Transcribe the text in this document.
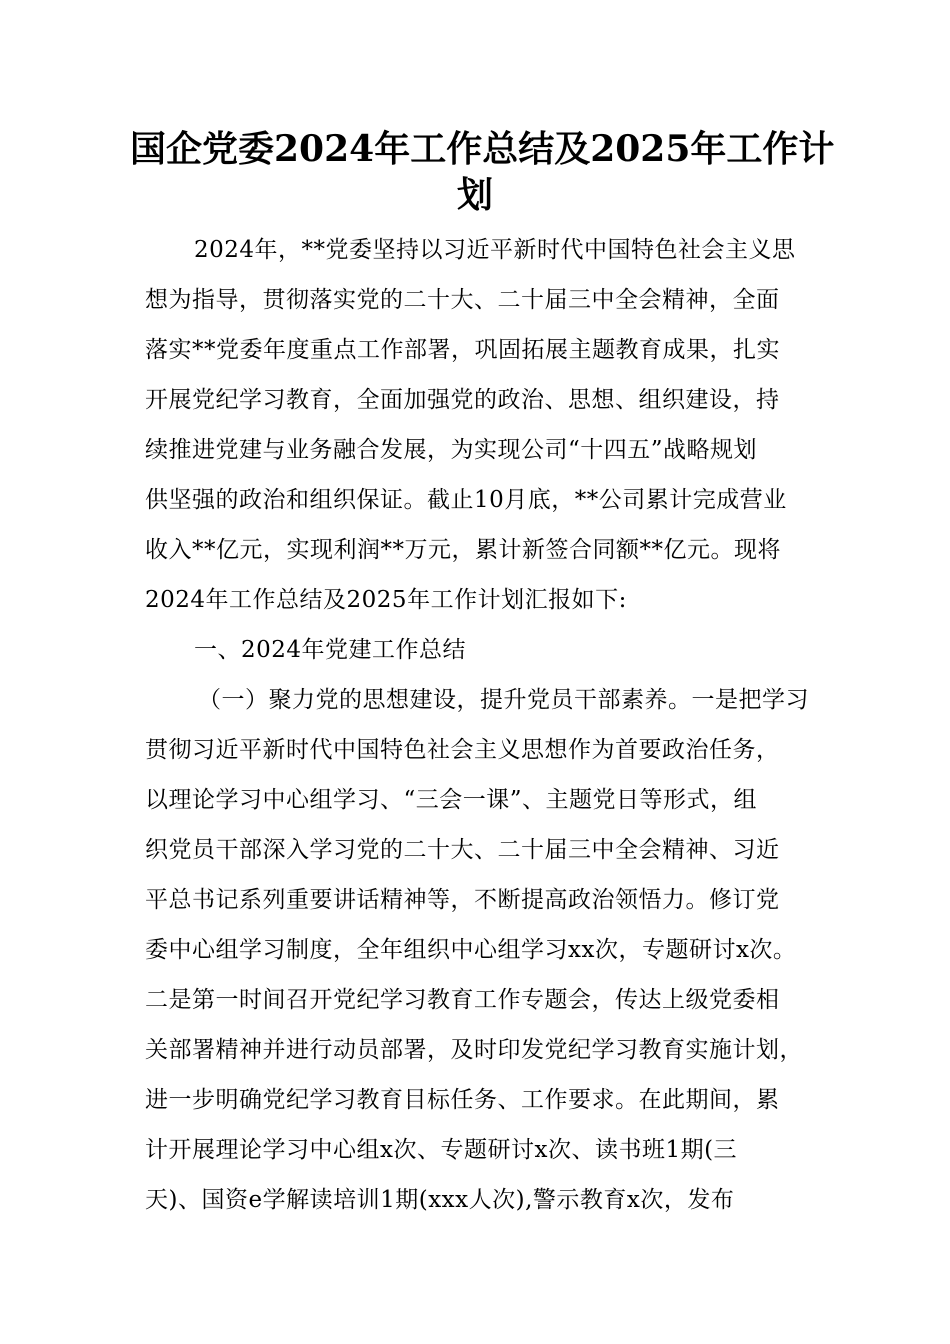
国企党委2024年工作总结及2025年工作计
划

2024年，**党委坚持以习近平新时代中国特色社会主义思

想为指导，贯彻落实党的二十大、二十届三中全会精神，全面

落实**党委年度重点工作部署，巩固拓展主题教育成果，扎实

开展党纪学习教育，全面加强党的政治、思想、组织建设，持

续推进党建与业务融合发展，为实现公司“十四五”战略规划

供坚强的政治和组织保证。截止10月底，**公司累计完成营业

收入**亿元，实现利润**万元，累计新签合同额**亿元。现将

2024年工作总结及2025年工作计划汇报如下:

一、2024年党建工作总结

（一）聚力党的思想建设，提升党员干部素养。一是把学习

贯彻习近平新时代中国特色社会主义思想作为首要政治任务，

以理论学习中心组学习、“三会一课”、主题党日等形式，组

织党员干部深入学习党的二十大、二十届三中全会精神、习近

平总书记系列重要讲话精神等，不断提高政治领悟力。修订党

委中心组学习制度，全年组织中心组学习xx次，专题研讨x次。

二是第一时间召开党纪学习教育工作专题会，传达上级党委相

关部署精神并进行动员部署，及时印发党纪学习教育实施计划，

进一步明确党纪学习教育目标任务、工作要求。在此期间，累

计开展理论学习中心组x次、专题研讨x次、读书班1期(三

天)、国资e学解读培训1期(xxx人次),警示教育x次，发布
